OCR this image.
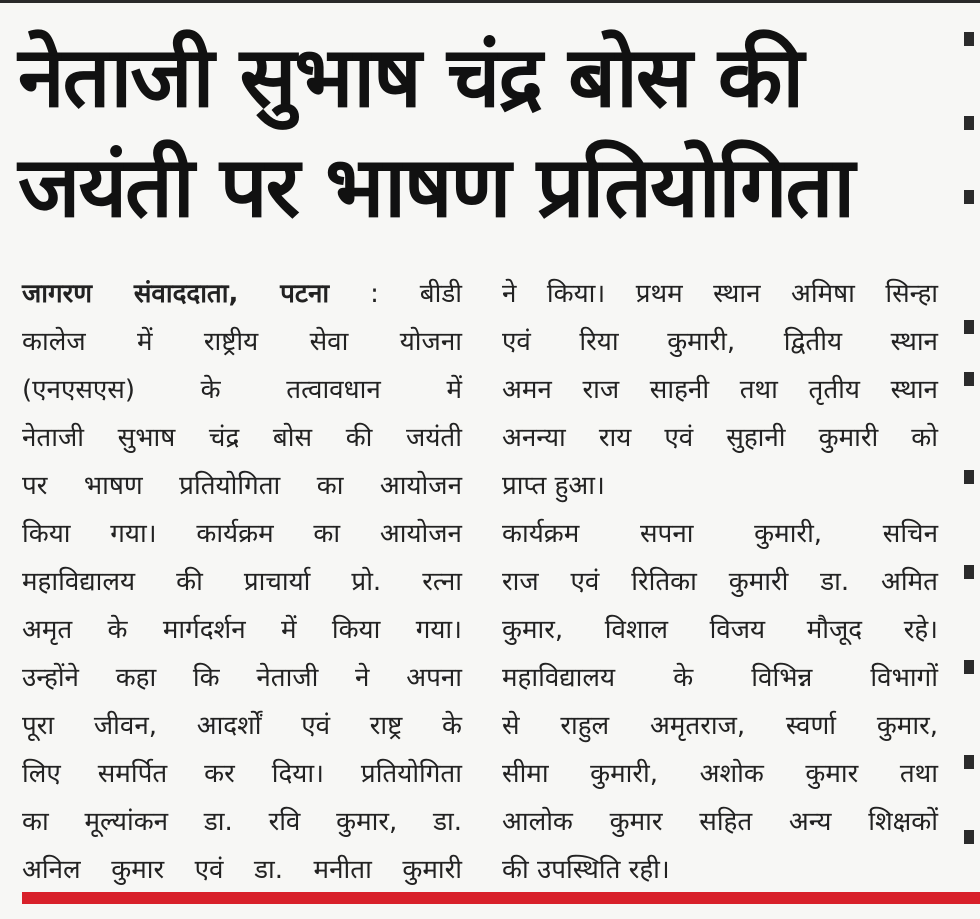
नेताजी सुभाष चंद्र बोस की
जयंती पर भाषण प्रतियोगिता
जागरण संवाददाता, पटना : बीडी
कालेज में राष्ट्रीय सेवा योजना
(एनएसएस) के तत्वावधान में
नेताजी सुभाष चंद्र बोस की जयंती
पर भाषण प्रतियोगिता का आयोजन
किया गया। कार्यक्रम का आयोजन
महाविद्यालय की प्राचार्या प्रो. रत्ना
अमृत के मार्गदर्शन में किया गया।
उन्होंने कहा कि नेताजी ने अपना
पूरा जीवन, आदर्शों एवं राष्ट्र के
लिए समर्पित कर दिया। प्रतियोगिता
का मूल्यांकन डा. रवि कुमार, डा.
अनिल कुमार एवं डा. मनीता कुमारी
ने किया। प्रथम स्थान अमिषा सिन्हा
एवं रिया कुमारी, द्वितीय स्थान
अमन राज साहनी तथा तृतीय स्थान
अनन्या राय एवं सुहानी कुमारी को
प्राप्त हुआ।
कार्यक्रम सपना कुमारी, सचिन
राज एवं रितिका कुमारी डा. अमित
कुमार, विशाल विजय मौजूद रहे।
महाविद्यालय के विभिन्न विभागों
से राहुल अमृतराज, स्वर्णा कुमार,
सीमा कुमारी, अशोक कुमार तथा
आलोक कुमार सहित अन्य शिक्षकों
की उपस्थिति रही।
